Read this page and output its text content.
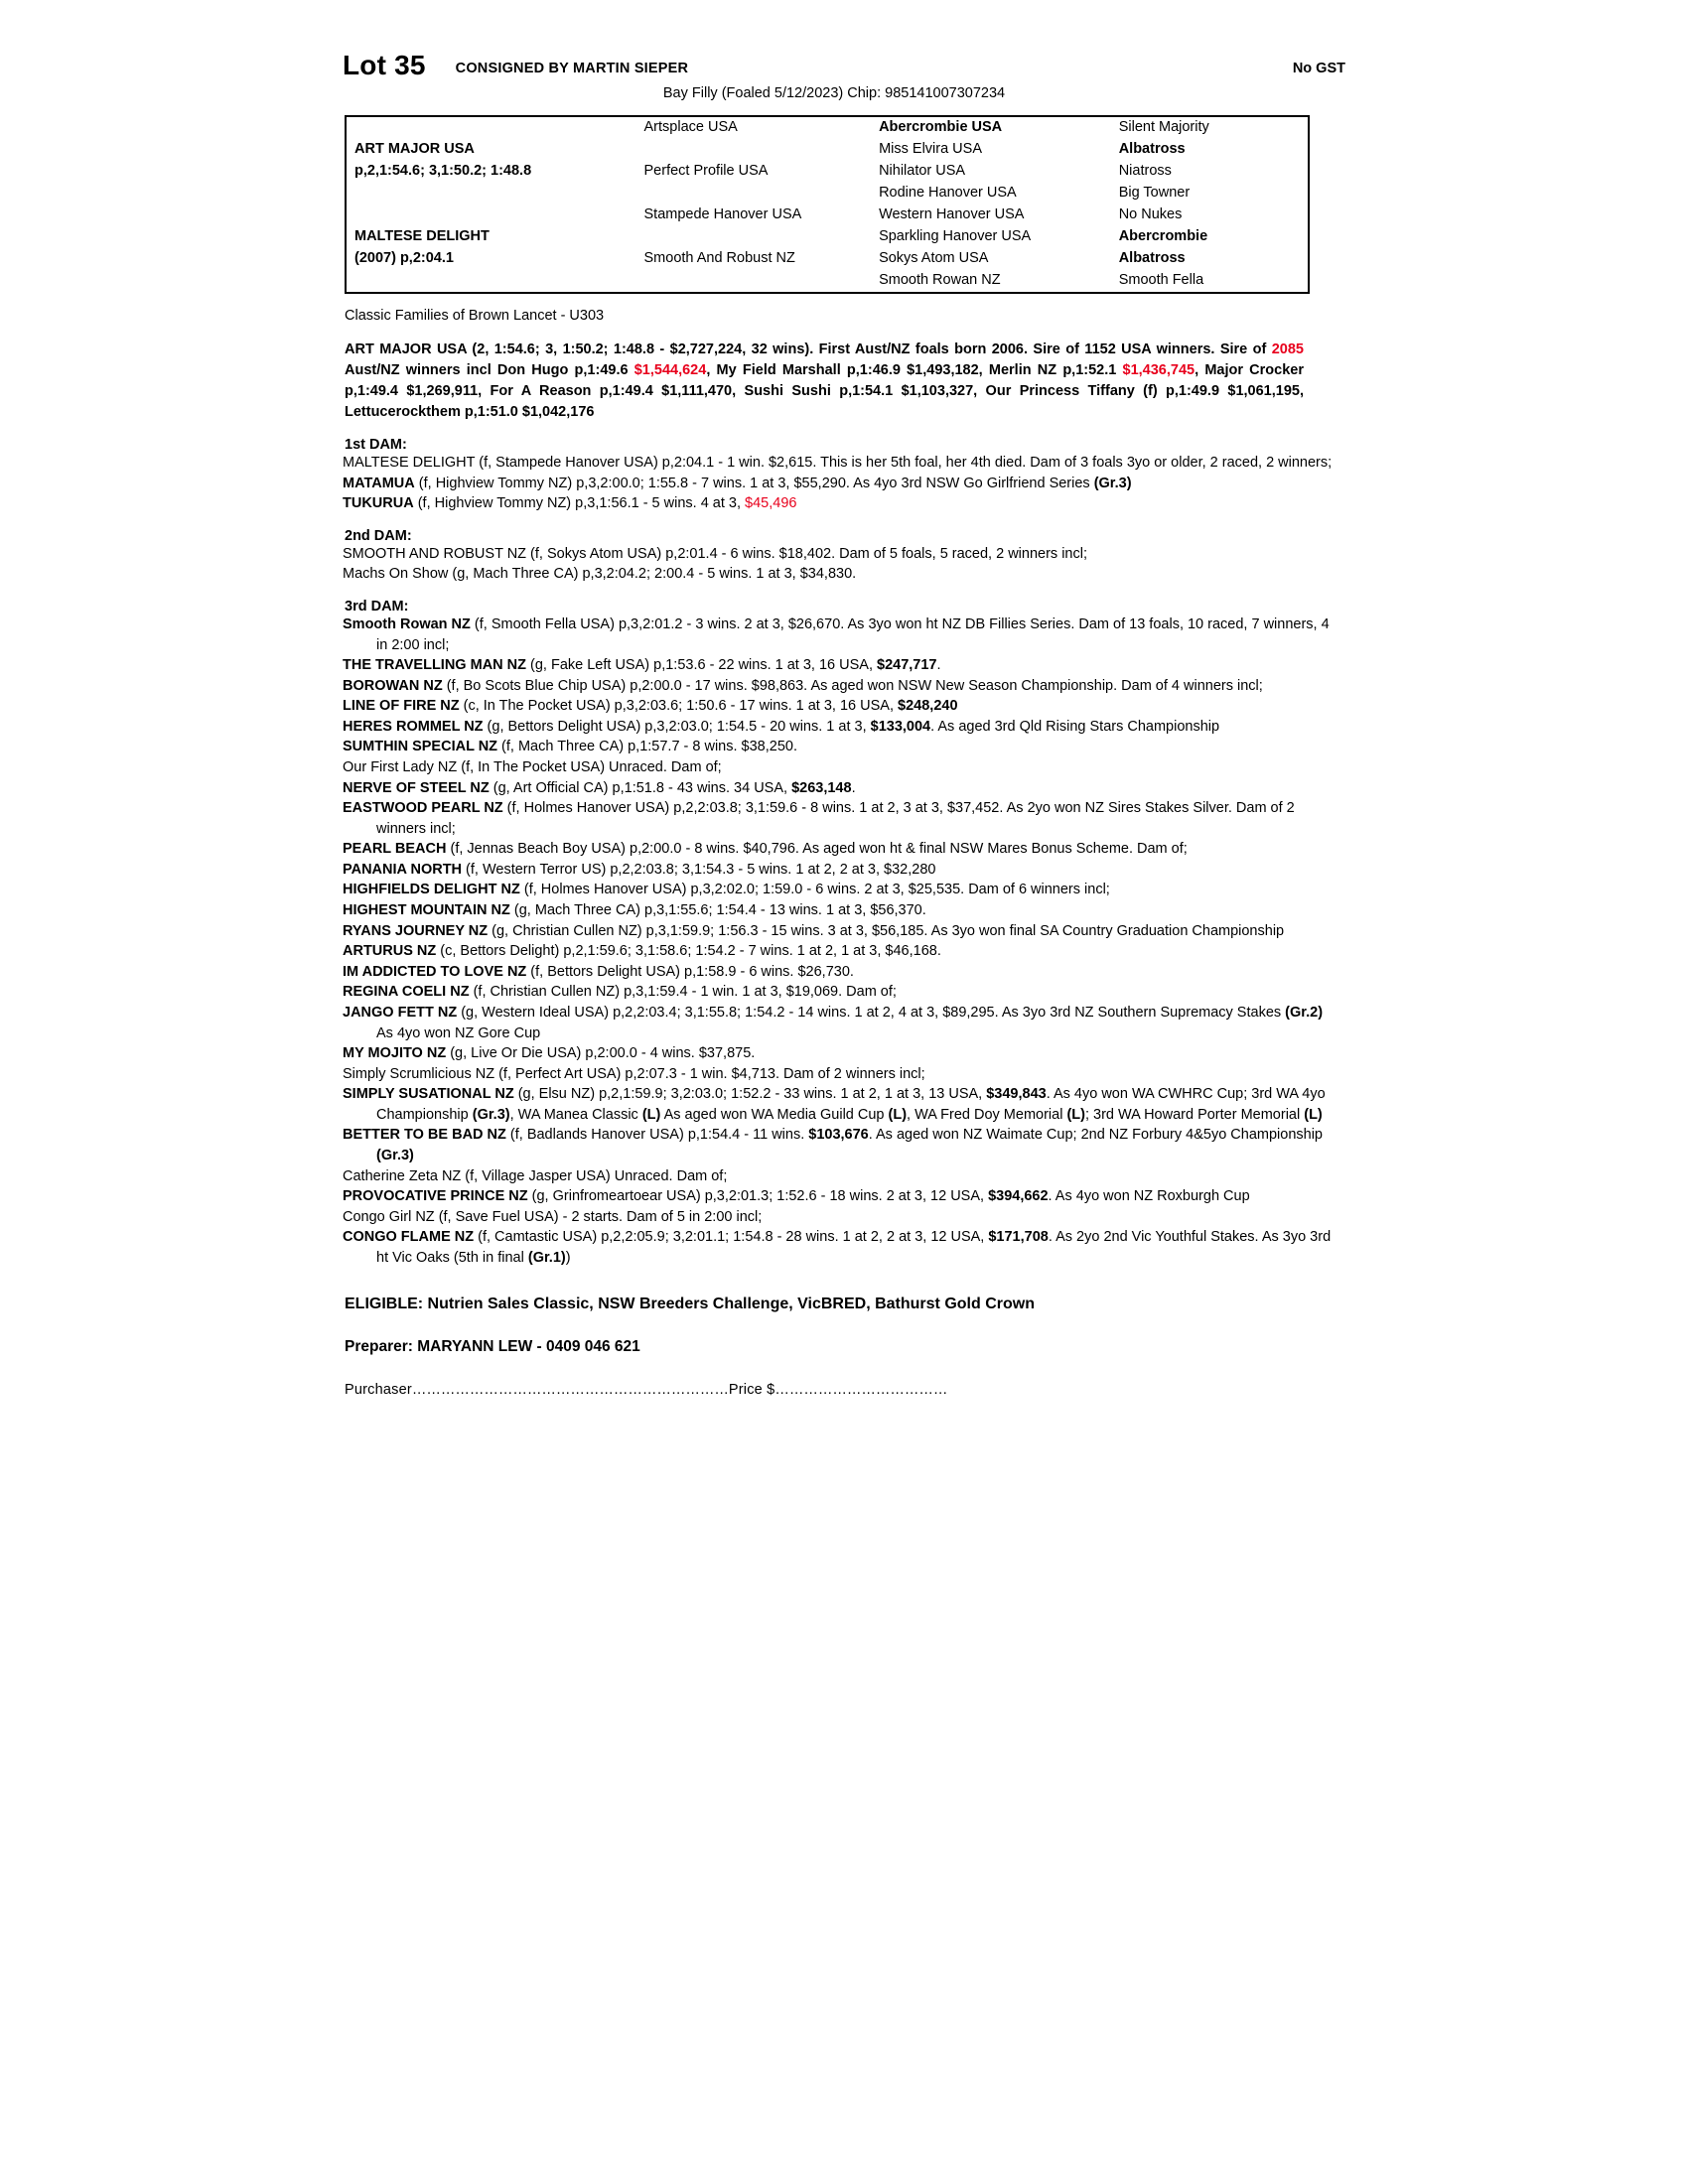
Lot 35 CONSIGNED BY MARTIN SIEPER	No GST
Bay Filly (Foaled 5/12/2023) Chip: 985141007307234
	Artsplace USA	Abercrombie USA	Silent Majority
ART MAJOR USA		Miss Elvira USA	Albatross
p,2,1:54.6; 3,1:50.2; 1:48.8	Perfect Profile USA	Nihilator USA	Niatross
		Rodine Hanover USA	Big Towner
	Stampede Hanover USA	Western Hanover USA	No Nukes
MALTESE DELIGHT		Sparkling Hanover USA	Abercrombie
(2007) p,2:04.1	Smooth And Robust NZ	Sokys Atom USA	Albatross
		Smooth Rowan NZ	Smooth Fella
Classic Families of Brown Lancet - U303
ART MAJOR USA (2, 1:54.6; 3, 1:50.2; 1:48.8 - $2,727,224, 32 wins). First Aust/NZ foals born 2006. Sire of 1152 USA winners. Sire of 2085 Aust/NZ winners incl Don Hugo p,1:49.6 $1,544,624, My Field Marshall p,1:46.9 $1,493,182, Merlin NZ p,1:52.1 $1,436,745, Major Crocker p,1:49.4 $1,269,911, For A Reason p,1:49.4 $1,111,470, Sushi Sushi p,1:54.1 $1,103,327, Our Princess Tiffany (f) p,1:49.9 $1,061,195, Lettucerockthem p,1:51.0 $1,042,176
1st DAM:

MALTESE DELIGHT (f, Stampede Hanover USA) p,2:04.1 - 1 win. $2,615. This is her 5th foal, her 4th died. Dam of 3 foals 3yo or older, 2 raced, 2 winners;

MATAMUA (f, Highview Tommy NZ) p,3,2:00.0; 1:55.8 - 7 wins. 1 at 3, $55,290. As 4yo 3rd NSW Go Girlfriend Series (Gr.3)

TUKURUA (f, Highview Tommy NZ) p,3,1:56.1 - 5 wins. 4 at 3, $45,496

2nd DAM:

SMOOTH AND ROBUST NZ (f, Sokys Atom USA) p,2:01.4 - 6 wins. $18,402. Dam of 5 foals, 5 raced, 2 winners incl;

Machs On Show (g, Mach Three CA) p,3,2:04.2; 2:00.4 - 5 wins. 1 at 3, $34,830.

3rd DAM:

Smooth Rowan NZ (f, Smooth Fella USA) p,3,2:01.2 - 3 wins. 2 at 3, $26,670. As 3yo won ht NZ DB Fillies Series. Dam of 13 foals, 10 raced, 7 winners, 4 in 2:00 incl;

THE TRAVELLING MAN NZ (g, Fake Left USA) p,1:53.6 - 22 wins. 1 at 3, 16 USA, $247,717.

BOROWAN NZ (f, Bo Scots Blue Chip USA) p,2:00.0 - 17 wins. $98,863. As aged won NSW New Season Championship. Dam of 4 winners incl;

LINE OF FIRE NZ (c, In The Pocket USA) p,3,2:03.6; 1:50.6 - 17 wins. 1 at 3, 16 USA, $248,240

HERES ROMMEL NZ (g, Bettors Delight USA) p,3,2:03.0; 1:54.5 - 20 wins. 1 at 3, $133,004. As aged 3rd Qld Rising Stars Championship

SUMTHIN SPECIAL NZ (f, Mach Three CA) p,1:57.7 - 8 wins. $38,250.

Our First Lady NZ (f, In The Pocket USA) Unraced. Dam of;

NERVE OF STEEL NZ (g, Art Official CA) p,1:51.8 - 43 wins. 34 USA, $263,148.

EASTWOOD PEARL NZ (f, Holmes Hanover USA) p,2,2:03.8; 3,1:59.6 - 8 wins. 1 at 2, 3 at 3, $37,452. As 2yo won NZ Sires Stakes Silver. Dam of 2 winners incl;

PEARL BEACH (f, Jennas Beach Boy USA) p,2:00.0 - 8 wins. $40,796. As aged won ht & final NSW Mares Bonus Scheme. Dam of;

PANANIA NORTH (f, Western Terror US) p,2,2:03.8; 3,1:54.3 - 5 wins. 1 at 2, 2 at 3, $32,280

HIGHFIELDS DELIGHT NZ (f, Holmes Hanover USA) p,3,2:02.0; 1:59.0 - 6 wins. 2 at 3, $25,535. Dam of 6 winners incl;

HIGHEST MOUNTAIN NZ (g, Mach Three CA) p,3,1:55.6; 1:54.4 - 13 wins. 1 at 3, $56,370.

RYANS JOURNEY NZ (g, Christian Cullen NZ) p,3,1:59.9; 1:56.3 - 15 wins. 3 at 3, $56,185. As 3yo won final SA Country Graduation Championship

ARTURUS NZ (c, Bettors Delight) p,2,1:59.6; 3,1:58.6; 1:54.2 - 7 wins. 1 at 2, 1 at 3, $46,168.

IM ADDICTED TO LOVE NZ (f, Bettors Delight USA) p,1:58.9 - 6 wins. $26,730.

REGINA COELI NZ (f, Christian Cullen NZ) p,3,1:59.4 - 1 win. 1 at 3, $19,069. Dam of;

JANGO FETT NZ (g, Western Ideal USA) p,2,2:03.4; 3,1:55.8; 1:54.2 - 14 wins. 1 at 2, 4 at 3, $89,295. As 3yo 3rd NZ Southern Supremacy Stakes (Gr.2) As 4yo won NZ Gore Cup

MY MOJITO NZ (g, Live Or Die USA) p,2:00.0 - 4 wins. $37,875.

Simply Scrumlicious NZ (f, Perfect Art USA) p,2:07.3 - 1 win. $4,713. Dam of 2 winners incl;

SIMPLY SUSATIONAL NZ (g, Elsu NZ) p,2,1:59.9; 3,2:03.0; 1:52.2 - 33 wins. 1 at 2, 1 at 3, 13 USA, $349,843. As 4yo won WA CWHRC Cup; 3rd WA 4yo Championship (Gr.3), WA Manea Classic (L) As aged won WA Media Guild Cup (L), WA Fred Doy Memorial (L); 3rd WA Howard Porter Memorial (L)

BETTER TO BE BAD NZ (f, Badlands Hanover USA) p,1:54.4 - 11 wins. $103,676. As aged won NZ Waimate Cup; 2nd NZ Forbury 4&5yo Championship (Gr.3)

Catherine Zeta NZ (f, Village Jasper USA) Unraced. Dam of;

PROVOCATIVE PRINCE NZ (g, Grinfromeartoear USA) p,3,2:01.3; 1:52.6 - 18 wins. 2 at 3, 12 USA, $394,662. As 4yo won NZ Roxburgh Cup

Congo Girl NZ (f, Save Fuel USA) - 2 starts. Dam of 5 in 2:00 incl;

CONGO FLAME NZ (f, Camtastic USA) p,2,2:05.9; 3,2:01.1; 1:54.8 - 28 wins. 1 at 2, 2 at 3, 12 USA, $171,708. As 2yo 2nd Vic Youthful Stakes. As 3yo 3rd ht Vic Oaks (5th in final (Gr.1))

ELIGIBLE: Nutrien Sales Classic, NSW Breeders Challenge, VicBRED, Bathurst Gold Crown
Preparer: MARYANN LEW - 0409 046 621
Purchaser…………………………………………………………Price $………………………………
